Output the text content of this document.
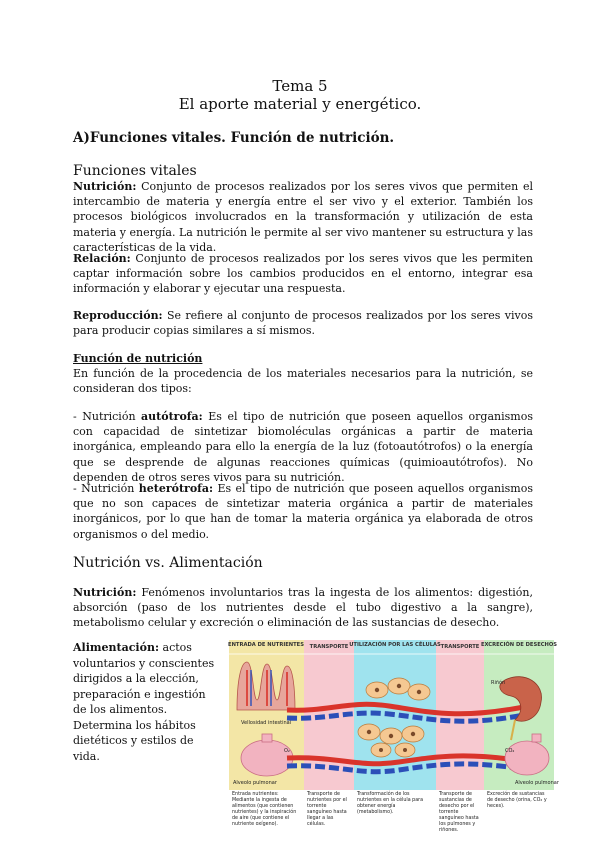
Tema 5
El aporte material y energético.
A)Funciones vitales. Función de nutrición.
Funciones vitales
Nutrición: Conjunto de procesos realizados por los seres vivos que permiten el intercambio de materia y energía entre el ser vivo y el exterior. También los procesos biológicos involucrados en la transformación y utilización de esta materia y energía. La nutrición le permite al ser vivo mantener su estructura y las características de la vida.
Relación: Conjunto de procesos realizados por los seres vivos que les permiten captar información sobre los cambios producidos en el entorno, integrar esa información y elaborar y ejecutar una respuesta.
Reproducción: Se refiere al conjunto de procesos realizados por los seres vivos para producir copias similares a sí mismos.
Función de nutrición
En función de la procedencia de los materiales necesarios para la nutrición, se consideran dos tipos:
- Nutrición autótrofa: Es el tipo de nutrición que poseen aquellos organismos con capacidad de sintetizar biomoléculas orgánicas a partir de materia inorgánica, empleando para ello la energía de la luz (fotoautótrofos) o la energía que se desprende de algunas reacciones químicas (quimioautótrofos). No dependen de otros seres vivos para su nutrición.
- Nutrición heterótrofa: Es el tipo de nutrición que poseen aquellos organismos que no son capaces de sintetizar materia orgánica a partir de materiales inorgánicos, por lo que han de tomar la materia orgánica ya elaborada de otros organismos o del medio.
Nutrición vs. Alimentación
Nutrición: Fenómenos involuntarios tras la ingesta de los alimentos: digestión, absorción (paso de los nutrientes desde el tubo digestivo a la sangre), metabolismo celular y excreción o eliminación de las sustancias de desecho.
Alimentación: actos voluntarios y conscientes dirigidos a la elección, preparación e ingestión de los alimentos. Determina los hábitos dietéticos y estilos de vida.
ENTRADA DE NUTRIENTES TRANSPORTE UTILIZACIÓN POR LAS CÉLULAS TRANSPORTE EXCRECIÓN DE DESECHOS
Vellosidad intestinal
Alveolo pulmonar
Riñón
Alveolo pulmonar
O₂	CO₂
Entrada nutrientes: Mediante la ingesta de alimentos (que contienen nutrientes) y la inspiración de aire (que contiene el nutriente oxígeno).
Transporte de nutrientes por el torrente sanguíneo hasta llegar a las células.
Transformación de los nutrientes en la célula para obtener energía (metabolismo).
Transporte de sustancias de desecho por el torrente sanguíneo hasta los pulmones y riñones.
Excreción de sustancias de desecho (orina, CO₂ y heces).
